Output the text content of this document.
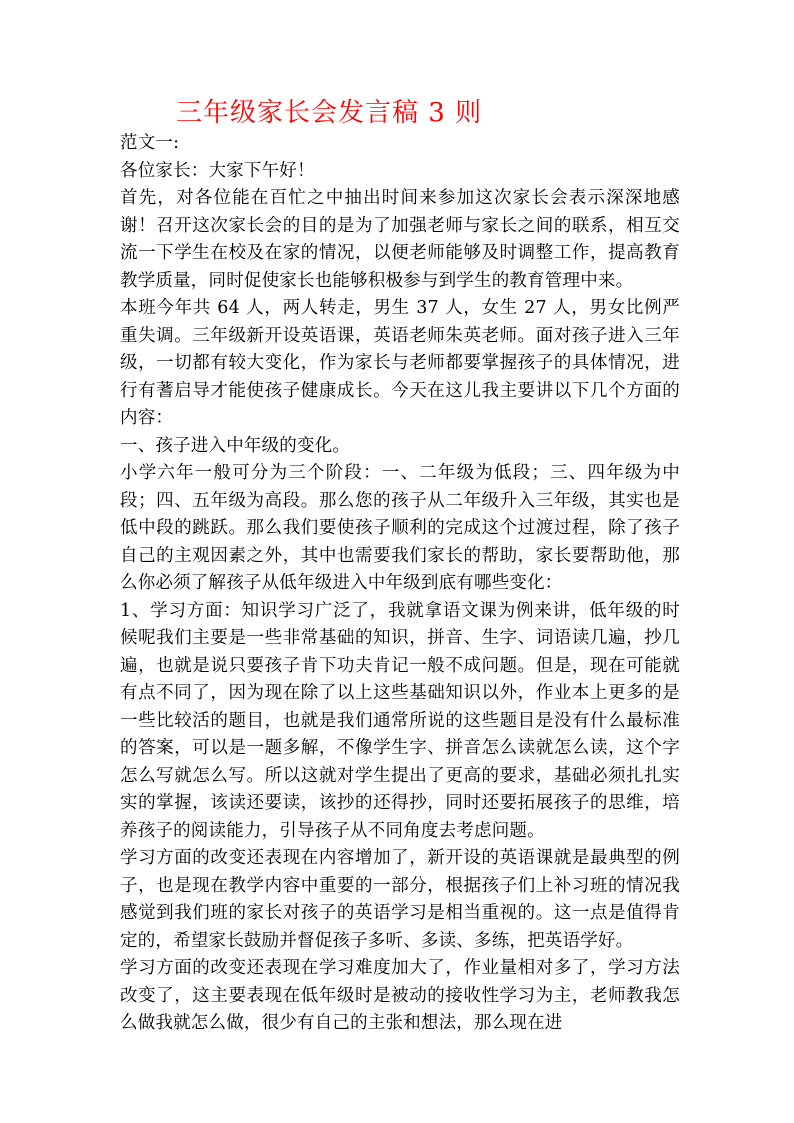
三年级家长会发言稿 3 则

范文一:

各位家长：大家下午好！

首先，对各位能在百忙之中抽出时间来参加这次家长会表示深深地感谢！召开这次家长会的目的是为了加强老师与家长之间的联系，相互交流一下学生在校及在家的情况，以便老师能够及时调整工作，提高教育教学质量，同时促使家长也能够积极参与到学生的教育管理中来。

本班今年共 64 人，两人转走，男生 37 人，女生 27 人，男女比例严重失调。三年级新开设英语课，英语老师朱英老师。面对孩子进入三年级，一切都有较大变化，作为家长与老师都要掌握孩子的具体情况，进行有蓍启导才能使孩子健康成长。今天在这儿我主要讲以下几个方面的内容：

一、孩子进入中年级的变化。

小学六年一般可分为三个阶段：一、二年级为低段；三、四年级为中段；四、五年级为高段。那么您的孩子从二年级升入三年级，其实也是低中段的跳跃。那么我们要使孩子顺利的完成这个过渡过程，除了孩子自己的主观因素之外，其中也需要我们家长的帮助，家长要帮助他，那么你必须了解孩子从低年级进入中年级到底有哪些变化：

1、学习方面：知识学习广泛了，我就拿语文课为例来讲，低年级的时候呢我们主要是一些非常基础的知识，拼音、生字、词语读几遍，抄几遍，也就是说只要孩子肯下功夫肯记一般不成问题。但是，现在可能就有点不同了，因为现在除了以上这些基础知识以外，作业本上更多的是一些比较活的题目，也就是我们通常所说的这些题目是没有什么最标准的答案，可以是一题多解，不像学生字、拼音怎么读就怎么读，这个字怎么写就怎么写。所以这就对学生提出了更高的要求，基础必须扎扎实实的掌握，该读还要读，该抄的还得抄，同时还要拓展孩子的思维，培养孩子的阅读能力，引导孩子从不同角度去考虑问题。

学习方面的改变还表现在内容增加了，新开设的英语课就是最典型的例子，也是现在教学内容中重要的一部分，根据孩子们上补习班的情况我感觉到我们班的家长对孩子的英语学习是相当重视的。这一点是值得肯定的，希望家长鼓励并督促孩子多听、多读、多练，把英语学好。

学习方面的改变还表现在学习难度加大了，作业量相对多了，学习方法改变了，这主要表现在低年级时是被动的接收性学习为主，老师教我怎么做我就怎么做，很少有自己的主张和想法，那么现在进
